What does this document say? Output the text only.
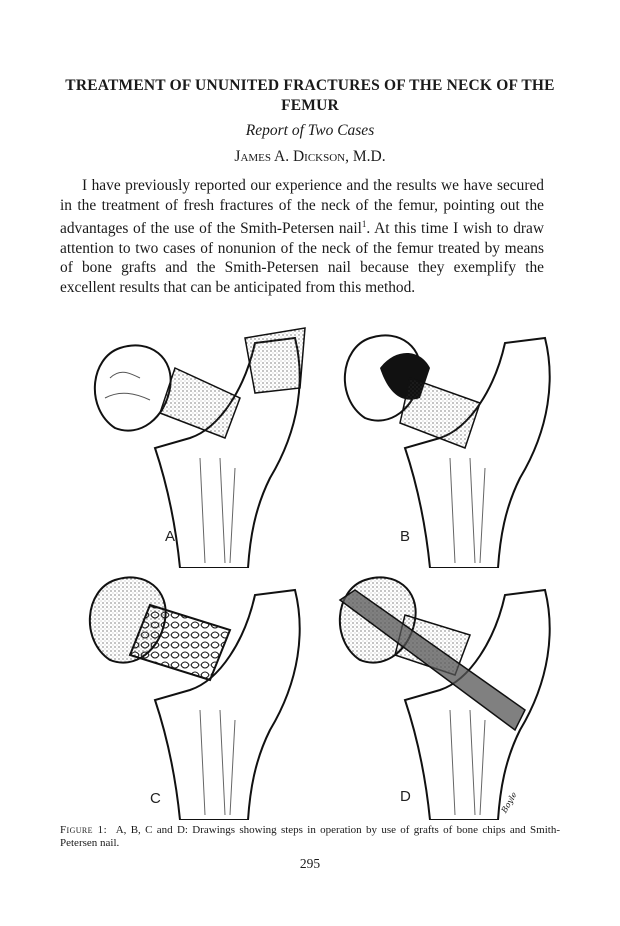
TREATMENT OF UNUNITED FRACTURES OF THE NECK OF THE FEMUR
Report of Two Cases
James A. Dickson, M.D.

I have previously reported our experience and the results we have secured in the treatment of fresh fractures of the neck of the femur, pointing out the advantages of the use of the Smith-Petersen nail$^1$. At this time I wish to draw attention to two cases of nonunion of the neck of the femur treated by means of bone grafts and the Smith-Petersen nail because they exemplify the excellent results that can be anticipated from this method.

A	B
C	D	Boyle
Figure 1: A, B, C and D: Drawings showing steps in operation by use of grafts of bone chips and Smith-Petersen nail.
295
